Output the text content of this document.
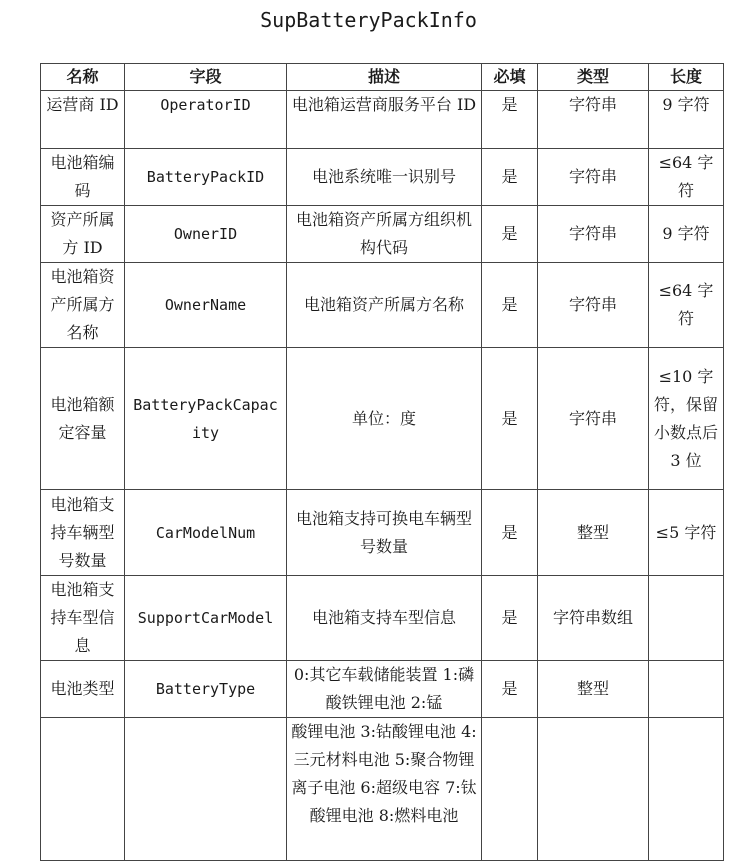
SupBatteryPackInfo
名称	字段	描述	必填	类型	长度
运营商 ID	OperatorID	电池箱运营商服务平台 ID	是	字符串	9 字符
电池箱编码	BatteryPackID	电池系统唯一识别号	是	字符串	≤64 字符
资产所属方 ID	OwnerID	电池箱资产所属方组织机构代码	是	字符串	9 字符
电池箱资产所属方名称	OwnerName	电池箱资产所属方名称	是	字符串	≤64 字符
电池箱额定容量	BatteryPackCapacity	单位：度	是	字符串	≤10 字符，保留小数点后 3 位
电池箱支持车辆型号数量	CarModelNum	电池箱支持可换电车辆型号数量	是	整型	≤5 字符
电池箱支持车型信息	SupportCarModel	电池箱支持车型信息	是	字符串数组	
电池类型	BatteryType	0:其它车载储能装置 1:磷酸铁锂电池 2:锰	是	整型	
		酸锂电池 3:钴酸锂电池 4:三元材料电池 5:聚合物锂离子电池 6:超级电容 7:钛酸锂电池 8:燃料电池			
